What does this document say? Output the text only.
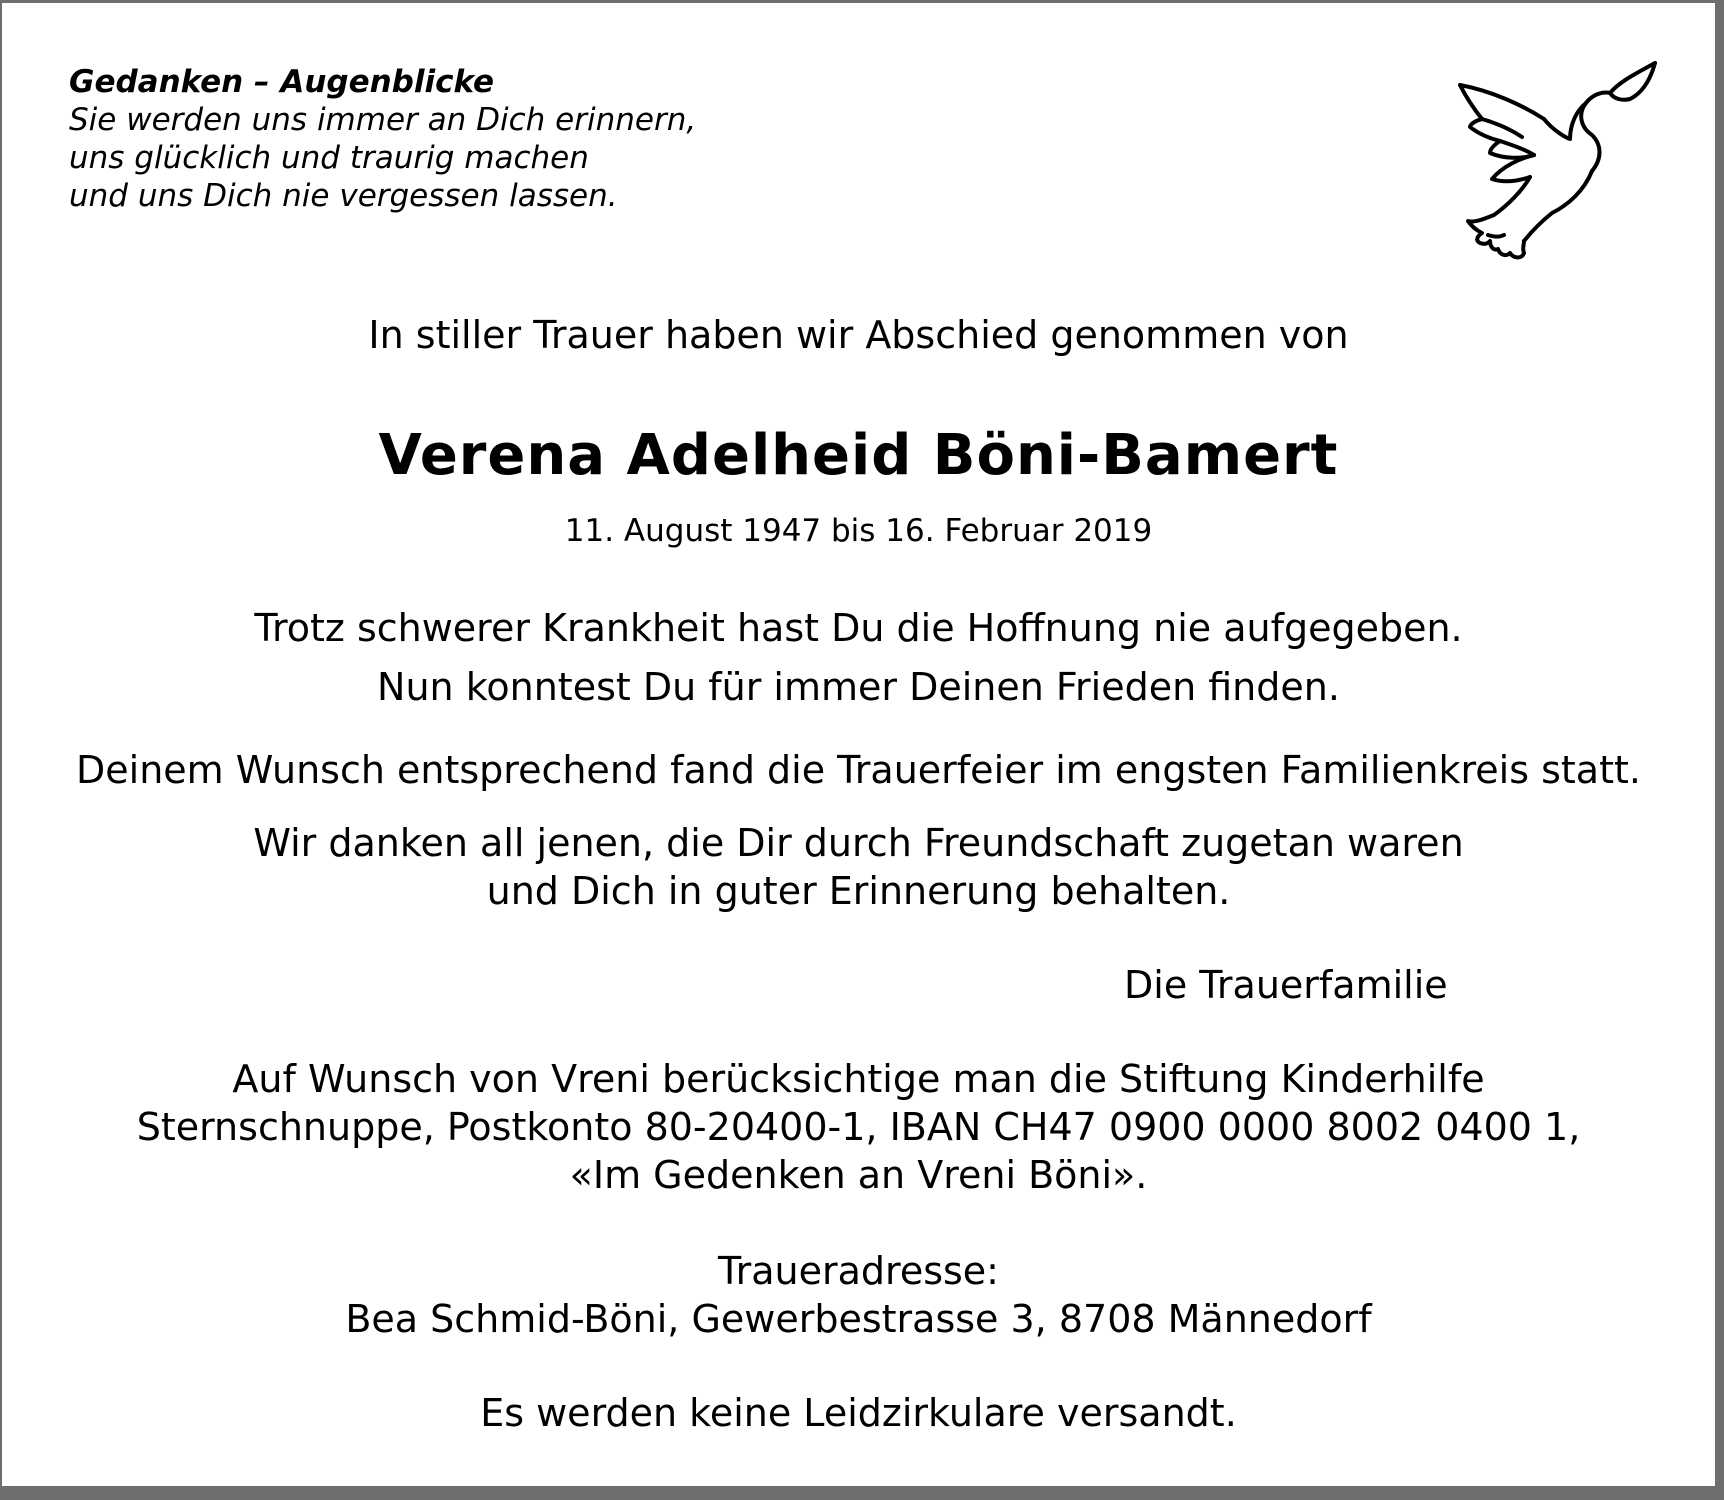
Gedanken – Augenblicke
Sie werden uns immer an Dich erinnern,
uns glücklich und traurig machen
und uns Dich nie vergessen lassen.
In stiller Trauer haben wir Abschied genommen von
Verena Adelheid Böni-Bamert
11. August 1947 bis 16. Februar 2019
Trotz schwerer Krankheit hast Du die Hoffnung nie aufgegeben.
Nun konntest Du für immer Deinen Frieden finden.
Deinem Wunsch entsprechend fand die Trauerfeier im engsten Familienkreis statt.
Wir danken all jenen, die Dir durch Freundschaft zugetan waren
und Dich in guter Erinnerung behalten.
Die Trauerfamilie
Auf Wunsch von Vreni berücksichtige man die Stiftung Kinderhilfe
Sternschnuppe, Postkonto 80-20400-1, IBAN CH47 0900 0000 8002 0400 1,
«Im Gedenken an Vreni Böni».
Traueradresse:
Bea Schmid-Böni, Gewerbestrasse 3, 8708 Männedorf
Es werden keine Leidzirkulare versandt.
